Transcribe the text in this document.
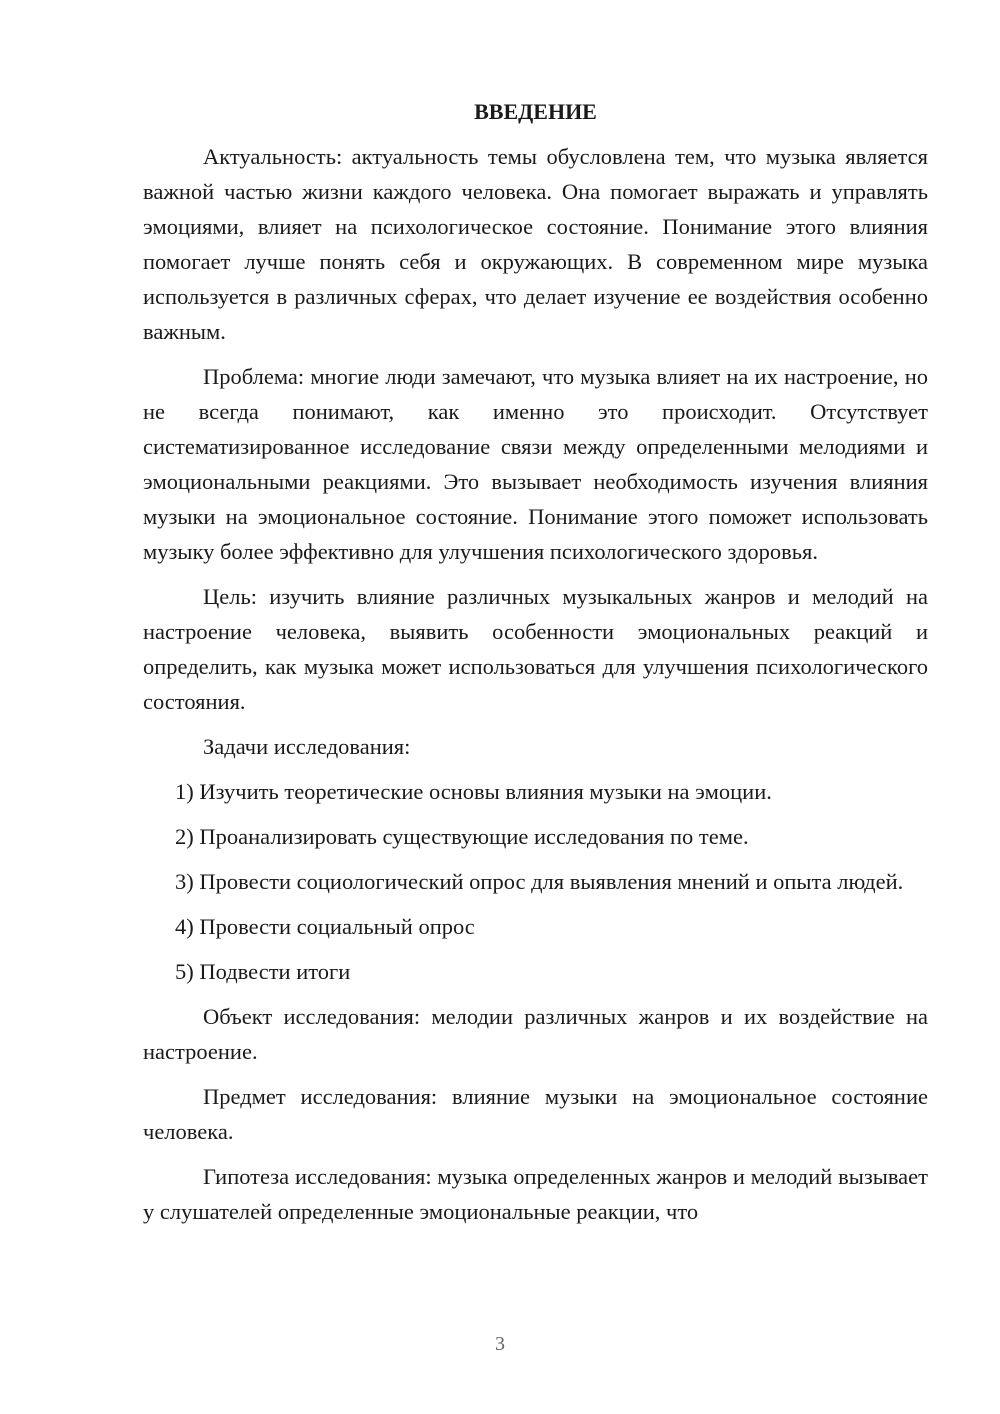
ВВЕДЕНИЕ

Актуальность: актуальность темы обусловлена тем, что музыка является важной частью жизни каждого человека. Она помогает выражать и управлять эмоциями, влияет на психологическое состояние. Понимание этого влияния помогает лучше понять себя и окружающих. В современном мире музыка используется в различных сферах, что делает изучение ее воздействия особенно важным.

Проблема: многие люди замечают, что музыка влияет на их настроение, но не всегда понимают, как именно это происходит. Отсутствует систематизированное исследование связи между определенными мелодиями и эмоциональными реакциями. Это вызывает необходимость изучения влияния музыки на эмоциональное состояние. Понимание этого поможет использовать музыку более эффективно для улучшения психологического здоровья.

Цель: изучить влияние различных музыкальных жанров и мелодий на настроение человека, выявить особенности эмоциональных реакций и определить, как музыка может использоваться для улучшения психологического состояния.

Задачи исследования:

1) Изучить теоретические основы влияния музыки на эмоции.

2) Проанализировать существующие исследования по теме.

3) Провести социологический опрос для выявления мнений и опыта людей.

4) Провести социальный опрос

5) Подвести итоги

Объект исследования: мелодии различных жанров и их воздействие на настроение.

Предмет исследования: влияние музыки на эмоциональное состояние человека.

Гипотеза исследования: музыка определенных жанров и мелодий вызывает у слушателей определенные эмоциональные реакции, что

3
